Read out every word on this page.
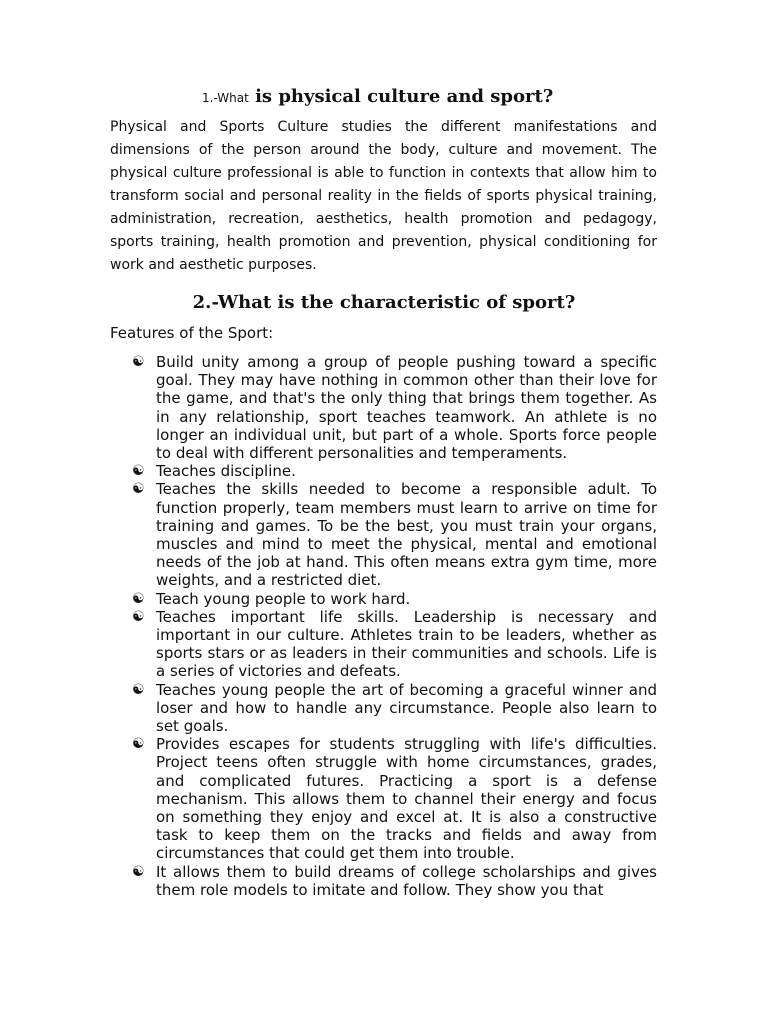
1.-What is physical culture and sport?

Physical and Sports Culture studies the different manifestations and dimensions of the person around the body, culture and movement. The physical culture professional is able to function in contexts that allow him to transform social and personal reality in the fields of sports physical training, administration, recreation, aesthetics, health promotion and pedagogy, sports training, health promotion and prevention, physical conditioning for work and aesthetic purposes.

2.-What is the characteristic of sport?
Features of the Sport:
☯ Build unity among a group of people pushing toward a specific goal. They may have nothing in common other than their love for the game, and that's the only thing that brings them together. As in any relationship, sport teaches teamwork. An athlete is no longer an individual unit, but part of a whole. Sports force people to deal with different personalities and temperaments.
☯ Teaches discipline.
☯ Teaches the skills needed to become a responsible adult. To function properly, team members must learn to arrive on time for training and games. To be the best, you must train your organs, muscles and mind to meet the physical, mental and emotional needs of the job at hand. This often means extra gym time, more weights, and a restricted diet.
☯ Teach young people to work hard.
☯ Teaches important life skills. Leadership is necessary and important in our culture. Athletes train to be leaders, whether as sports stars or as leaders in their communities and schools. Life is a series of victories and defeats.
☯ Teaches young people the art of becoming a graceful winner and loser and how to handle any circumstance. People also learn to set goals.
☯ Provides escapes for students struggling with life's difficulties. Project teens often struggle with home circumstances, grades, and complicated futures. Practicing a sport is a defense mechanism. This allows them to channel their energy and focus on something they enjoy and excel at. It is also a constructive task to keep them on the tracks and fields and away from circumstances that could get them into trouble.
☯ It allows them to build dreams of college scholarships and gives them role models to imitate and follow. They show you that
